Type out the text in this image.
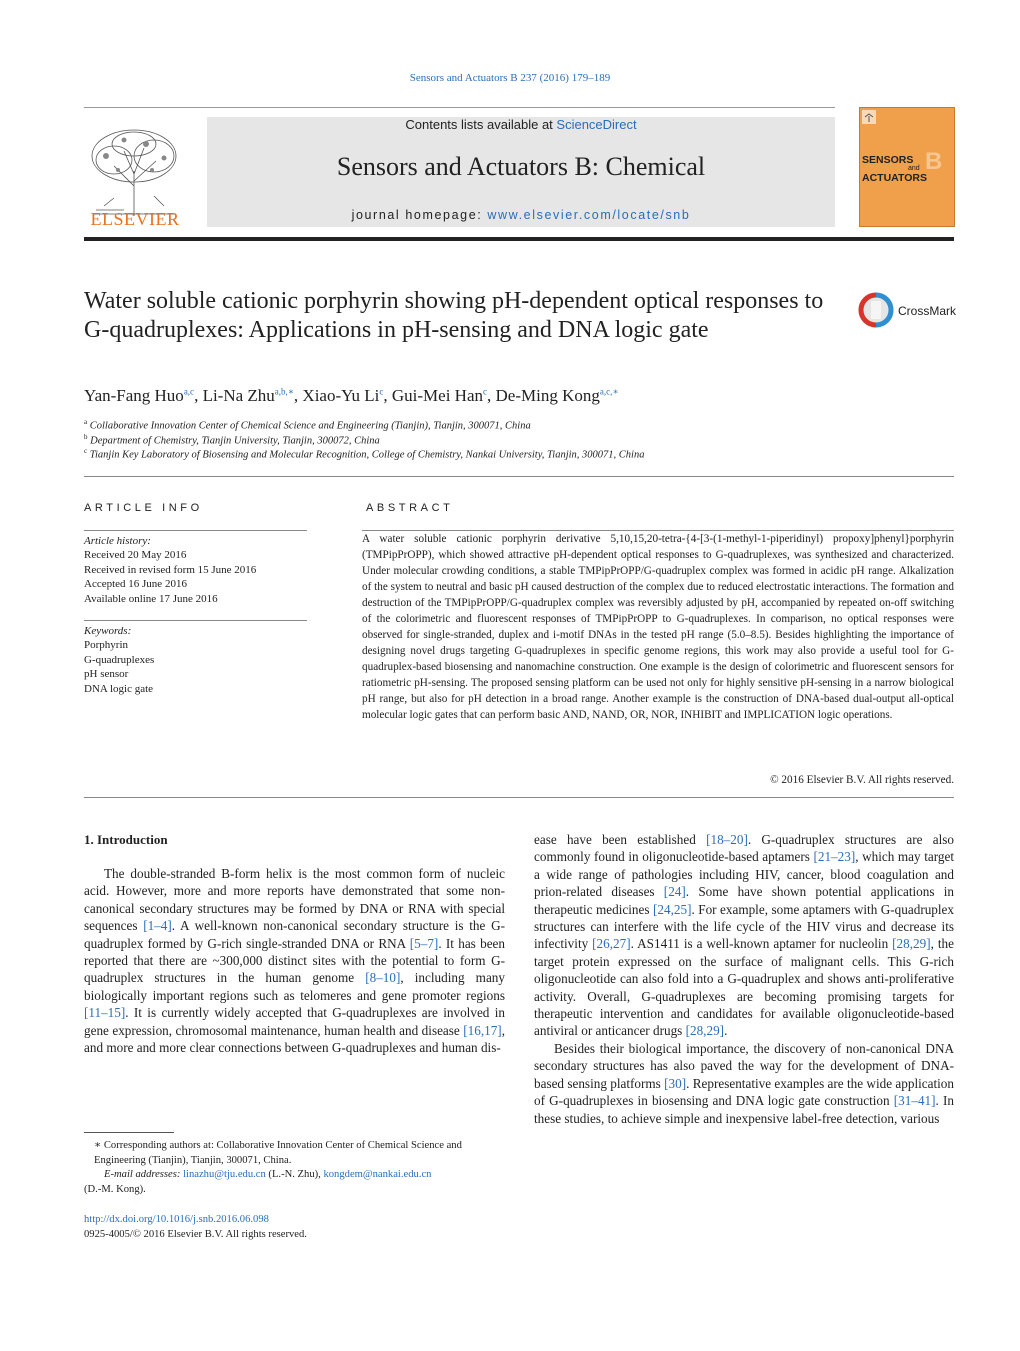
Sensors and Actuators B 237 (2016) 179–189
ELSEVIER
Contents lists available at ScienceDirect
Sensors and Actuators B: Chemical
journal homepage: www.elsevier.com/locate/snb
B
SENSORS
and
ACTUATORS
Water soluble cationic porphyrin showing pH-dependent optical responses to G-quadruplexes: Applications in pH-sensing and DNA logic gate
CrossMark
Yan-Fang Huo$^{a,c}$, Li-Na Zhu$^{a,b,∗}$, Xiao-Yu Li$^c$, Gui-Mei Han$^c$, De-Ming Kong$^{a,c,∗}$
$^a$ Collaborative Innovation Center of Chemical Science and Engineering (Tianjin), Tianjin, 300071, China
$^b$ Department of Chemistry, Tianjin University, Tianjin, 300072, China
$^c$ Tianjin Key Laboratory of Biosensing and Molecular Recognition, College of Chemistry, Nankai University, Tianjin, 300071, China
ARTICLE INFO
Article history:
Received 20 May 2016
Received in revised form 15 June 2016
Accepted 16 June 2016
Available online 17 June 2016
Keywords:
Porphyrin
G-quadruplexes
pH sensor
DNA logic gate
ABSTRACT
A water soluble cationic porphyrin derivative 5,10,15,20-tetra-{4-[3-(1-methyl-1-piperidinyl) propoxy]phenyl}porphyrin (TMPipPrOPP), which showed attractive pH-dependent optical responses to G-quadruplexes, was synthesized and characterized. Under molecular crowding conditions, a stable TMPipPrOPP/G-quadruplex complex was formed in acidic pH range. Alkalization of the system to neutral and basic pH caused destruction of the complex due to reduced electrostatic interactions. The formation and destruction of the TMPipPrOPP/G-quadruplex complex was reversibly adjusted by pH, accompanied by repeated on-off switching of the colorimetric and fluorescent responses of TMPipPrOPP to G-quadruplexes. In comparison, no optical responses were observed for single-stranded, duplex and i-motif DNAs in the tested pH range (5.0–8.5). Besides highlighting the importance of designing novel drugs targeting G-quadruplexes in specific genome regions, this work may also provide a useful tool for G-quadruplex-based biosensing and nanomachine construction. One example is the design of colorimetric and fluorescent sensors for ratiometric pH-sensing. The proposed sensing platform can be used not only for highly sensitive pH-sensing in a narrow biological pH range, but also for pH detection in a broad range. Another example is the construction of DNA-based dual-output all-optical molecular logic gates that can perform basic AND, NAND, OR, NOR, INHIBIT and IMPLICATION logic operations.
© 2016 Elsevier B.V. All rights reserved.
1. Introduction

The double-stranded B-form helix is the most common form of nucleic acid. However, more and more reports have demonstrated that some non-canonical secondary structures may be formed by DNA or RNA with special sequences [1–4]. A well-known non-canonical secondary structure is the G-quadruplex formed by G-rich single-stranded DNA or RNA [5–7]. It has been reported that there are ~300,000 distinct sites with the potential to form G-quadruplex structures in the human genome [8–10], including many biologically important regions such as telomeres and gene promoter regions [11–15]. It is currently widely accepted that G-quadruplexes are involved in gene expression, chromosomal maintenance, human health and disease [16,17], and more and more clear connections between G-quadruplexes and human dis-

ease have been established [18–20]. G-quadruplex structures are also commonly found in oligonucleotide-based aptamers [21–23], which may target a wide range of pathologies including HIV, cancer, blood coagulation and prion-related diseases [24]. Some have shown potential applications in therapeutic medicines [24,25]. For example, some aptamers with G-quadruplex structures can interfere with the life cycle of the HIV virus and decrease its infectivity [26,27]. AS1411 is a well-known aptamer for nucleolin [28,29], the target protein expressed on the surface of malignant cells. This G-rich oligonucleotide can also fold into a G-quadruplex and shows anti-proliferative activity. Overall, G-quadruplexes are becoming promising targets for therapeutic intervention and candidates for available oligonucleotide-based antiviral or anticancer drugs [28,29].

Besides their biological importance, the discovery of non-canonical DNA secondary structures has also paved the way for the development of DNA-based sensing platforms [30]. Representative examples are the wide application of G-quadruplexes in biosensing and DNA logic gate construction [31–41]. In these studies, to achieve simple and inexpensive label-free detection, various

∗ Corresponding authors at: Collaborative Innovation Center of Chemical Science and Engineering (Tianjin), Tianjin, 300071, China.
E-mail addresses: linazhu@tju.edu.cn (L.-N. Zhu), kongdem@nankai.edu.cn
(D.-M. Kong).
http://dx.doi.org/10.1016/j.snb.2016.06.098
0925-4005/© 2016 Elsevier B.V. All rights reserved.
